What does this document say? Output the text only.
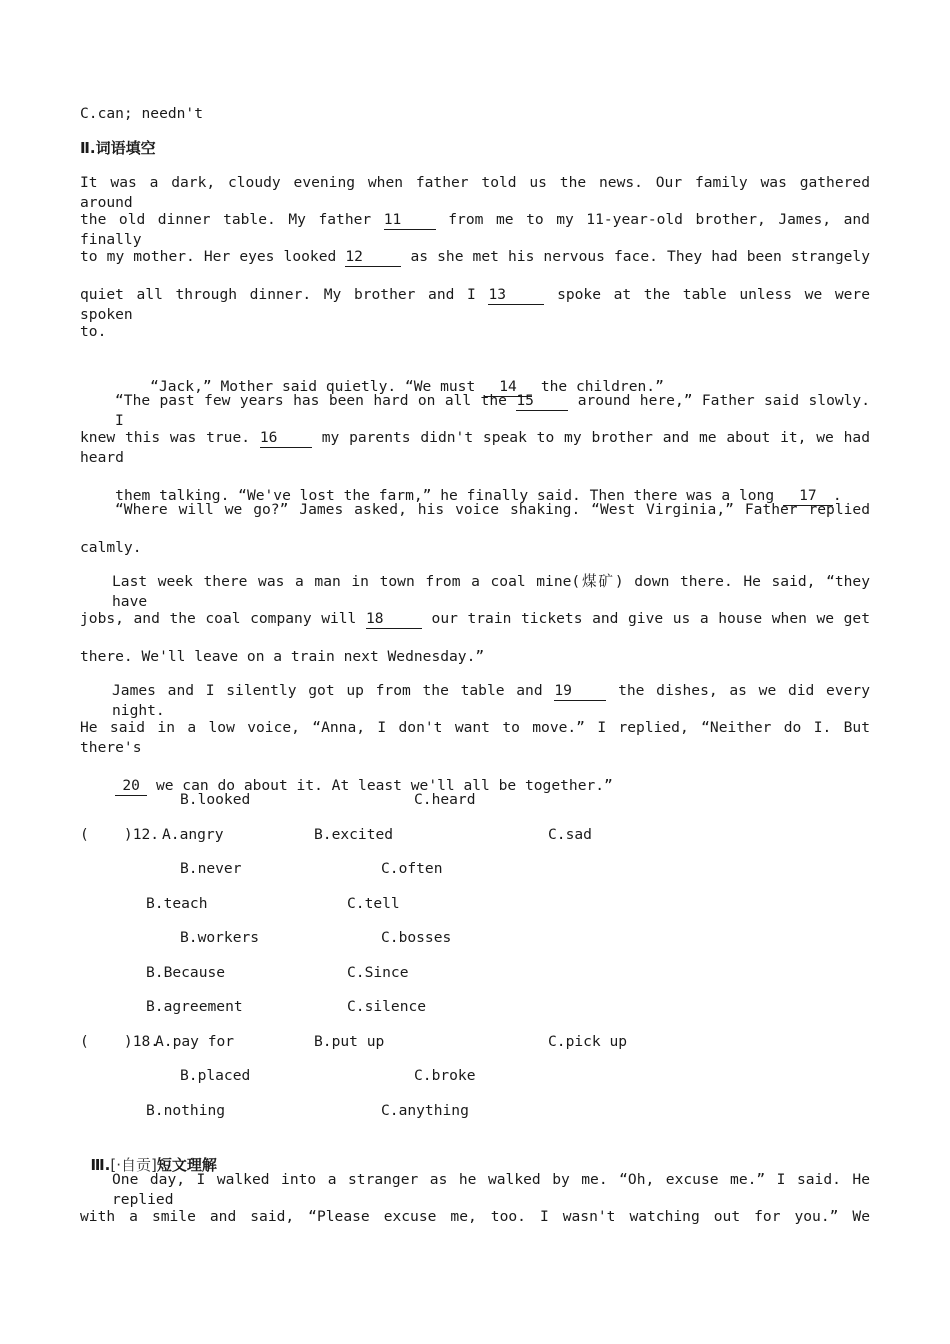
C.can; needn't
Ⅱ.词语填空
It was a dark, cloudy evening when father told us the news. Our family was gathered around
the old dinner table. My father 11	from me to my 11-year-old brother, James, and finally
to my mother. Her eyes looked 12	as she met his nervous face. They had been strangely
quiet all through dinner. My brother and I 13	spoke at the table unless we were spoken
to.

“Jack,” Mother said quietly. “We must 14 the children.”

“The past few years has been hard on all the 15	around here,” Father said slowly. I
knew this was true. 16	my parents didn't speak to my brother and me about it, we had heard

them talking. “We've lost the farm,” he finally said. Then there was a long 17 .

“Where will we go?” James asked, his voice shaking. “West Virginia,” Father replied
calmly.
Last week there was a man in town from a coal mine(煤矿) down there. He said, “they have
jobs, and the coal company will 18	our train tickets and give us a house when we get
there. We'll leave on a train next Wednesday.”
James and I silently got up from the table and 19	the dishes, as we did every night.
He said in a low voice, “Anna, I don't want to move.” I replied, “Neither do I. But there's

20 we can do about it. At least we'll all be together.”

B.looked	C.heard
(    )12. A.angry	B.excited	C.sad
B.never	C.often
B.teach	C.tell
B.workers	C.bosses
B.Because	C.Since
B.agreement	C.silence
(    )18.
A.pay for	B.put up	C.pick up
B.placed	C.broke
B.nothing	C.anything

Ⅲ.[·自贡]短文理解

One day, I walked into a stranger as he walked by me. “Oh, excuse me.” I said. He replied
with a smile and said, “Please excuse me, too. I wasn't watching out for you.” We
